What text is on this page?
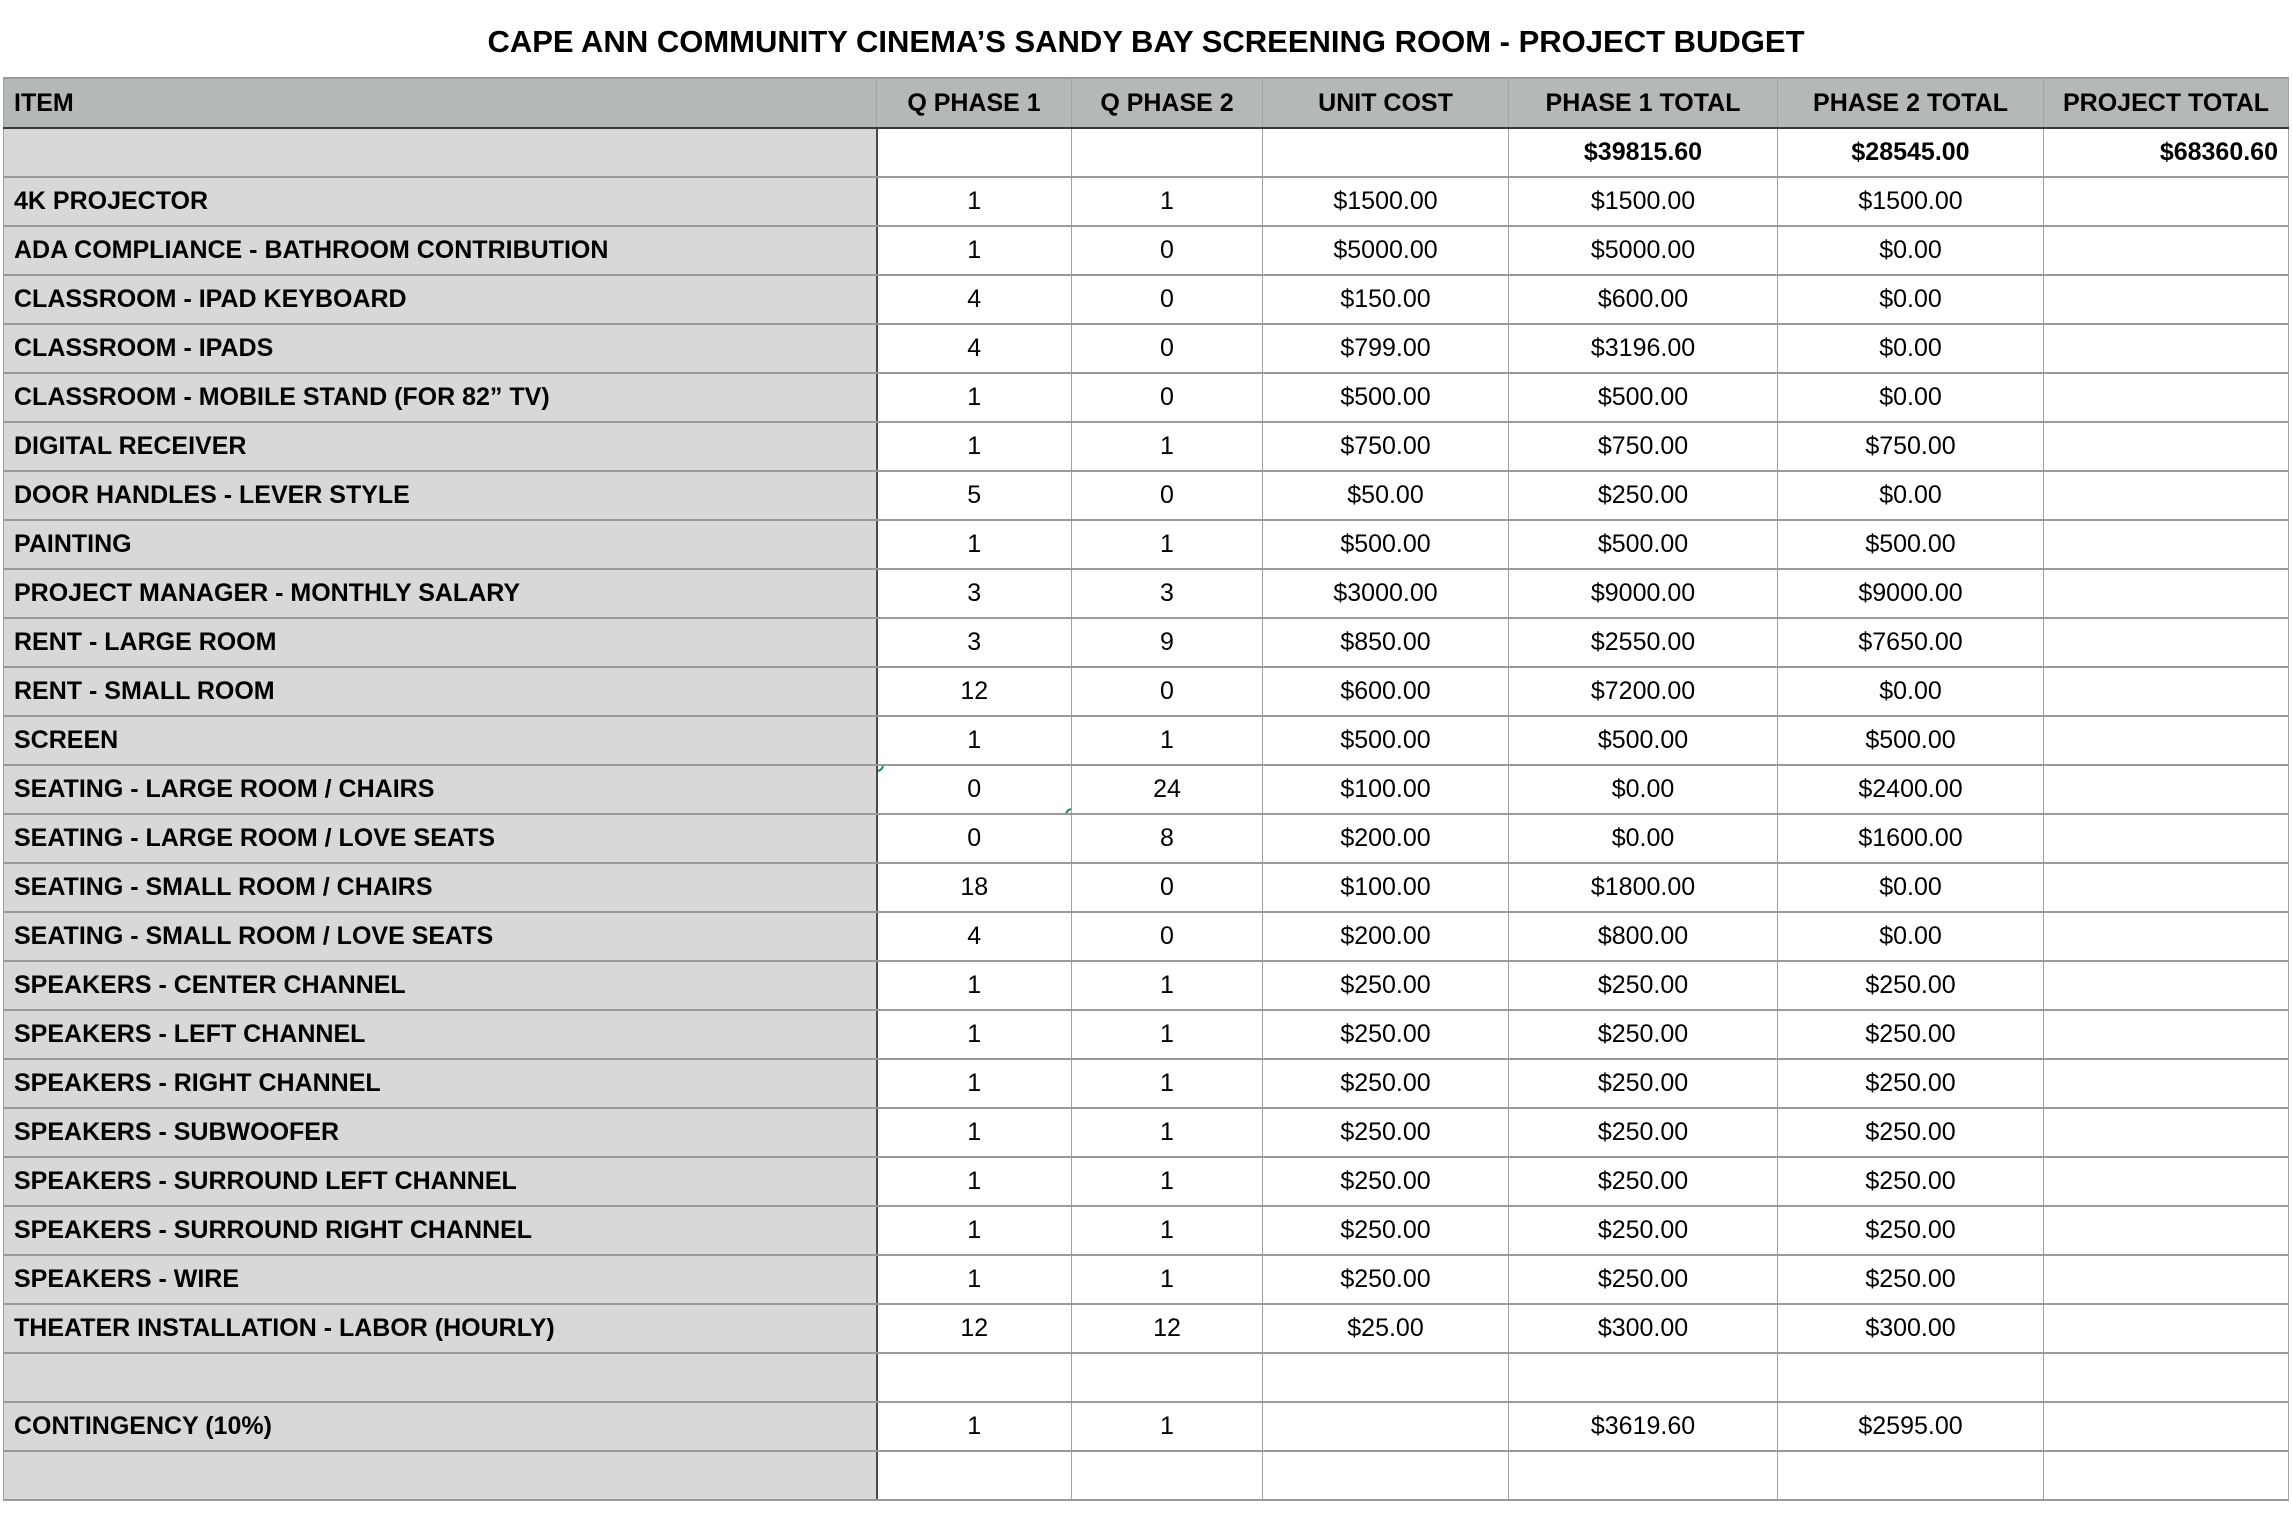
CAPE ANN COMMUNITY CINEMA’S SANDY BAY SCREENING ROOM - PROJECT BUDGET
ITEM	Q PHASE 1	Q PHASE 2	UNIT COST	PHASE 1 TOTAL	PHASE 2 TOTAL	PROJECT TOTAL
				$39815.60	$28545.00	$68360.60
4K PROJECTOR	1	1	$1500.00	$1500.00	$1500.00	
ADA COMPLIANCE - BATHROOM CONTRIBUTION	1	0	$5000.00	$5000.00	$0.00	
CLASSROOM - IPAD KEYBOARD	4	0	$150.00	$600.00	$0.00	
CLASSROOM - IPADS	4	0	$799.00	$3196.00	$0.00	
CLASSROOM - MOBILE STAND (FOR 82” TV)	1	0	$500.00	$500.00	$0.00	
DIGITAL RECEIVER	1	1	$750.00	$750.00	$750.00	
DOOR HANDLES - LEVER STYLE	5	0	$50.00	$250.00	$0.00	
PAINTING	1	1	$500.00	$500.00	$500.00	
PROJECT MANAGER - MONTHLY SALARY	3	3	$3000.00	$9000.00	$9000.00	
RENT - LARGE ROOM	3	9	$850.00	$2550.00	$7650.00	
RENT - SMALL ROOM	12	0	$600.00	$7200.00	$0.00	
SCREEN	1	1	$500.00	$500.00	$500.00	
SEATING - LARGE ROOM / CHAIRS	0	24	$100.00	$0.00	$2400.00	
SEATING - LARGE ROOM / LOVE SEATS	0	8	$200.00	$0.00	$1600.00	
SEATING - SMALL ROOM / CHAIRS	18	0	$100.00	$1800.00	$0.00	
SEATING - SMALL ROOM / LOVE SEATS	4	0	$200.00	$800.00	$0.00	
SPEAKERS - CENTER CHANNEL	1	1	$250.00	$250.00	$250.00	
SPEAKERS - LEFT CHANNEL	1	1	$250.00	$250.00	$250.00	
SPEAKERS - RIGHT CHANNEL	1	1	$250.00	$250.00	$250.00	
SPEAKERS - SUBWOOFER	1	1	$250.00	$250.00	$250.00	
SPEAKERS - SURROUND LEFT CHANNEL	1	1	$250.00	$250.00	$250.00	
SPEAKERS - SURROUND RIGHT CHANNEL	1	1	$250.00	$250.00	$250.00	
SPEAKERS - WIRE	1	1	$250.00	$250.00	$250.00	
THEATER INSTALLATION - LABOR (HOURLY)	12	12	$25.00	$300.00	$300.00	

CONTINGENCY (10%)	1	1		$3619.60	$2595.00	
